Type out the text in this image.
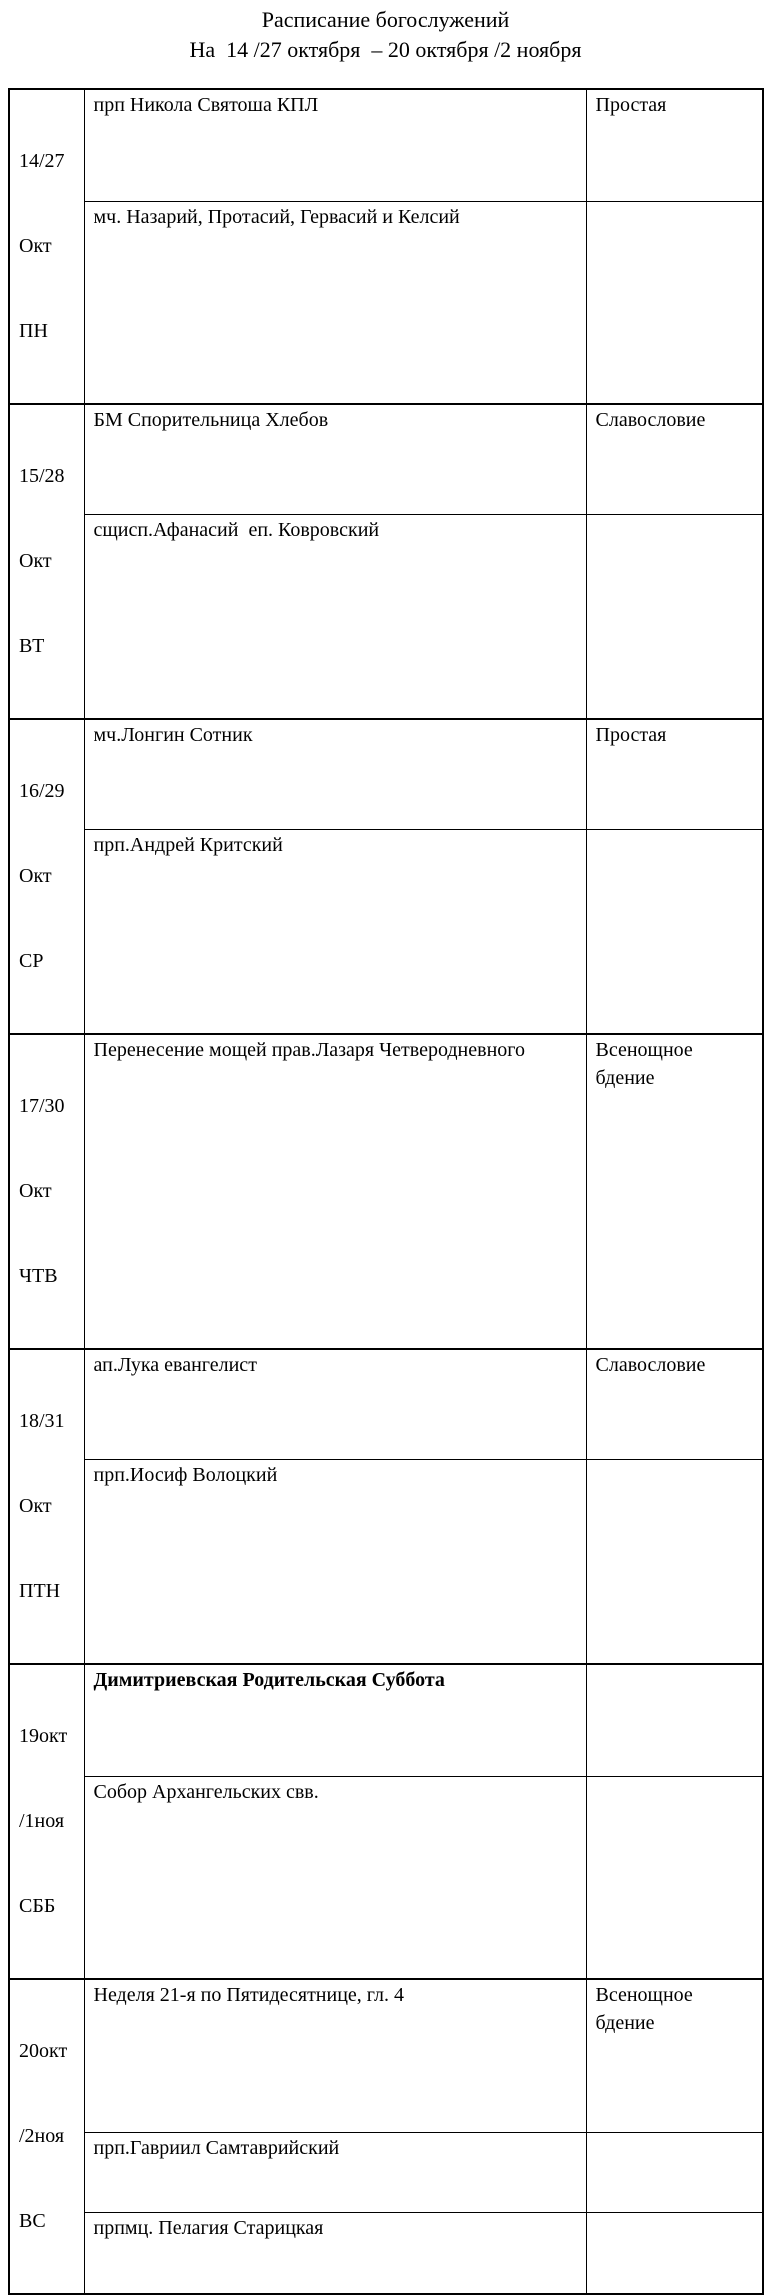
Расписание богослужений
На  14 /27 октября  – 20 октября /2 ноября

14/27

Окт

ПН	прп Никола Святоша КПЛ	Простая
	мч. Назарий, Протасий, Гервасий и Келсий	

15/28

Окт

ВТ	БМ Спорительница Хлебов	Славословие
	сщисп.Афанасий  еп. Ковровский	

16/29

Окт

СР	мч.Лонгин Сотник	Простая
	прп.Андрей Критский	

17/30

Окт

ЧТВ	Перенесение мощей прав.Лазаря Четверодневного	Всенощное бдение

18/31

Окт

ПТН	ап.Лука евангелист	Славословие
	прп.Иосиф Волоцкий	

19окт

/1ноя

СББ	Димитриевская Родительская Суббота	
	Собор Архангельских свв.	

20окт

/2ноя

ВС	Неделя 21-я по Пятидесятнице, гл. 4	Всенощное бдение
	прп.Гавриил Самтаврийский	
	прпмц. Пелагия Старицкая	
